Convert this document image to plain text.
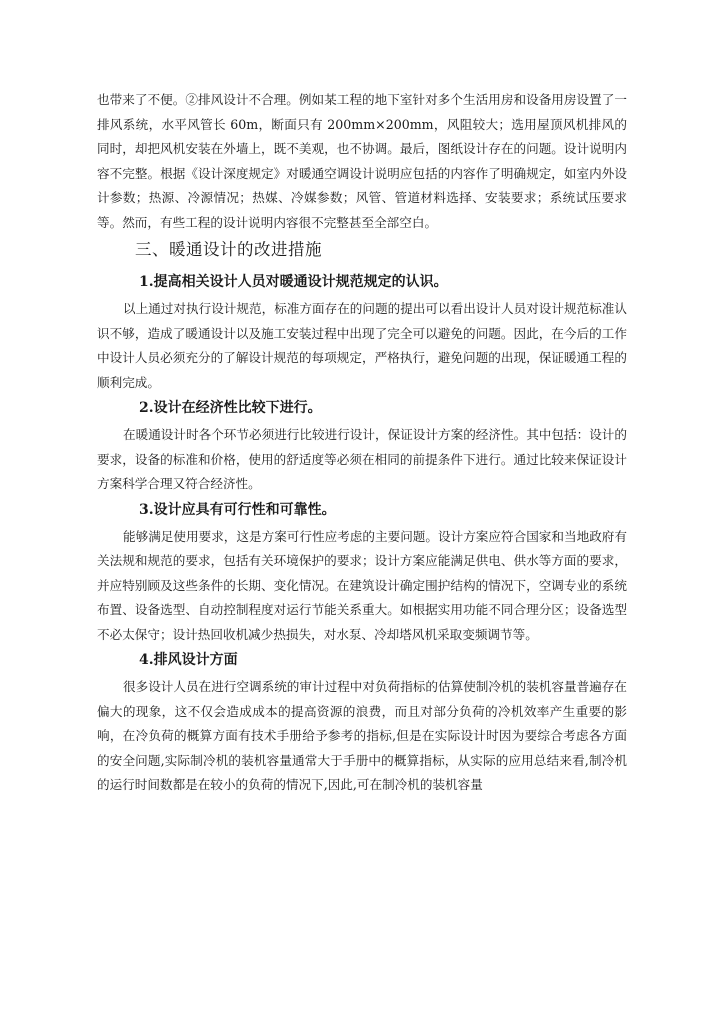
也带来了不便。②排风设计不合理。例如某工程的地下室针对多个生活用房和设备用房设置了一排风系统，水平风管长 60m，断面只有 200mm×200mm，风阻较大；选用屋顶风机排风的同时，却把风机安装在外墙上，既不美观，也不协调。最后，图纸设计存在的问题。设计说明内容不完整。根据《设计深度规定》对暖通空调设计说明应包括的内容作了明确规定，如室内外设计参数；热源、冷源情况；热媒、冷媒参数；风管、管道材料选择、安装要求；系统试压要求等。然而，有些工程的设计说明内容很不完整甚至全部空白。

三、暖通设计的改进措施
1.提高相关设计人员对暖通设计规范规定的认识。

以上通过对执行设计规范，标准方面存在的问题的提出可以看出设计人员对设计规范标准认识不够，造成了暖通设计以及施工安装过程中出现了完全可以避免的问题。因此，在今后的工作中设计人员必须充分的了解设计规范的每项规定，严格执行，避免问题的出现，保证暖通工程的顺利完成。

2.设计在经济性比较下进行。

在暖通设计时各个环节必须进行比较进行设计，保证设计方案的经济性。其中包括：设计的要求，设备的标准和价格，使用的舒适度等必须在相同的前提条件下进行。通过比较来保证设计方案科学合理又符合经济性。

3.设计应具有可行性和可靠性。

能够满足使用要求，这是方案可行性应考虑的主要问题。设计方案应符合国家和当地政府有关法规和规范的要求，包括有关环境保护的要求；设计方案应能满足供电、供水等方面的要求，并应特别顾及这些条件的长期、变化情况。在建筑设计确定围护结构的情况下，空调专业的系统布置、设备选型、自动控制程度对运行节能关系重大。如根据实用功能不同合理分区；设备选型不必太保守；设计热回收机减少热损失，对水泵、冷却塔风机采取变频调节等。

4.排风设计方面

很多设计人员在进行空调系统的审计过程中对负荷指标的估算使制冷机的装机容量普遍存在偏大的现象，这不仅会造成成本的提高资源的浪费，而且对部分负荷的冷机效率产生重要的影响，在冷负荷的概算方面有技术手册给予参考的指标,但是在实际设计时因为要综合考虑各方面的安全问题,实际制冷机的装机容量通常大于手册中的概算指标，从实际的应用总结来看,制冷机的运行时间数都是在较小的负荷的情况下,因此,可在制冷机的装机容量
